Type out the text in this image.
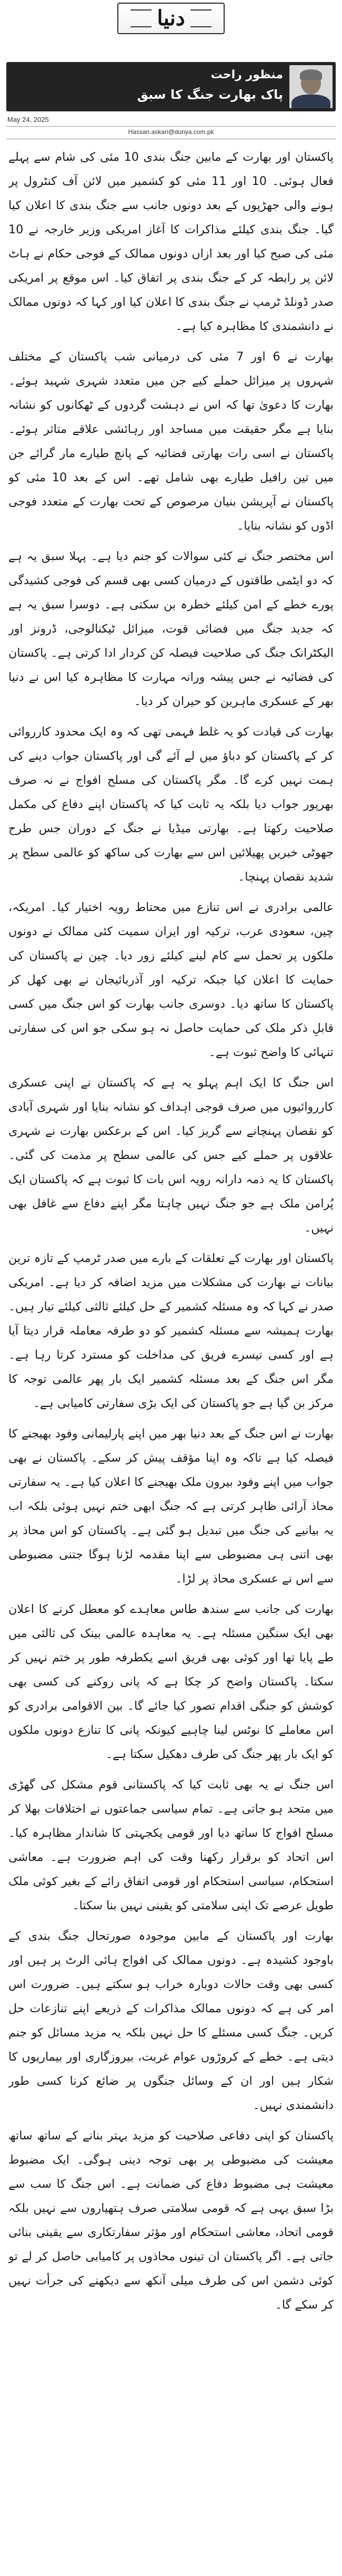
دنیا
منظور راحت
پاک بھارت جنگ کا سبق
May 24, 2025
Hassan.askari@dunya.com.pk

پاکستان اور بھارت کے مابین جنگ بندی 10 مئی کی شام سے پہلے فعال ہوئی۔ 10 اور 11 مئی کو کشمیر میں لائن آف کنٹرول پر ہونے والی جھڑپوں کے بعد دونوں جانب سے جنگ بندی کا اعلان کیا گیا۔ جنگ بندی کیلئے مذاکرات کا آغاز امریکی وزیر خارجہ نے 10 مئی کی صبح کیا اور بعد ازاں دونوں ممالک کے فوجی حکام نے ہاٹ لائن پر رابطہ کر کے جنگ بندی پر اتفاق کیا۔ اس موقع پر امریکی صدر ڈونلڈ ٹرمپ نے جنگ بندی کا اعلان کیا اور کہا کہ دونوں ممالک نے دانشمندی کا مظاہرہ کیا ہے۔

بھارت نے 6 اور 7 مئی کی درمیانی شب پاکستان کے مختلف شہروں پر میزائل حملے کیے جن میں متعدد شہری شہید ہوئے۔ بھارت کا دعویٰ تھا کہ اس نے دہشت گردوں کے ٹھکانوں کو نشانہ بنایا ہے مگر حقیقت میں مساجد اور رہائشی علاقے متاثر ہوئے۔ پاکستان نے اسی رات بھارتی فضائیہ کے پانچ طیارے مار گرائے جن میں تین رافیل طیارے بھی شامل تھے۔ اس کے بعد 10 مئی کو پاکستان نے آپریشن بنیان مرصوص کے تحت بھارت کے متعدد فوجی اڈوں کو نشانہ بنایا۔

اس مختصر جنگ نے کئی سوالات کو جنم دیا ہے۔ پہلا سبق یہ ہے کہ دو ایٹمی طاقتوں کے درمیان کسی بھی قسم کی فوجی کشیدگی پورے خطے کے امن کیلئے خطرہ بن سکتی ہے۔ دوسرا سبق یہ ہے کہ جدید جنگ میں فضائی قوت، میزائل ٹیکنالوجی، ڈرونز اور الیکٹرانک جنگ کی صلاحیت فیصلہ کن کردار ادا کرتی ہے۔ پاکستان کی فضائیہ نے جس پیشہ ورانہ مہارت کا مظاہرہ کیا اس نے دنیا بھر کے عسکری ماہرین کو حیران کر دیا۔

بھارت کی قیادت کو یہ غلط فہمی تھی کہ وہ ایک محدود کارروائی کر کے پاکستان کو دباؤ میں لے آئے گی اور پاکستان جواب دینے کی ہمت نہیں کرے گا۔ مگر پاکستان کی مسلح افواج نے نہ صرف بھرپور جواب دیا بلکہ یہ ثابت کیا کہ پاکستان اپنے دفاع کی مکمل صلاحیت رکھتا ہے۔ بھارتی میڈیا نے جنگ کے دوران جس طرح جھوٹی خبریں پھیلائیں اس سے بھارت کی ساکھ کو عالمی سطح پر شدید نقصان پہنچا۔

عالمی برادری نے اس تنازع میں محتاط رویہ اختیار کیا۔ امریکہ، چین، سعودی عرب، ترکیہ اور ایران سمیت کئی ممالک نے دونوں ملکوں پر تحمل سے کام لینے کیلئے زور دیا۔ چین نے پاکستان کی حمایت کا اعلان کیا جبکہ ترکیہ اور آذربائیجان نے بھی کھل کر پاکستان کا ساتھ دیا۔ دوسری جانب بھارت کو اس جنگ میں کسی قابلِ ذکر ملک کی حمایت حاصل نہ ہو سکی جو اس کی سفارتی تنہائی کا واضح ثبوت ہے۔

اس جنگ کا ایک اہم پہلو یہ ہے کہ پاکستان نے اپنی عسکری کارروائیوں میں صرف فوجی اہداف کو نشانہ بنایا اور شہری آبادی کو نقصان پہنچانے سے گریز کیا۔ اس کے برعکس بھارت نے شہری علاقوں پر حملے کیے جس کی عالمی سطح پر مذمت کی گئی۔ پاکستان کا یہ ذمہ دارانہ رویہ اس بات کا ثبوت ہے کہ پاکستان ایک پُرامن ملک ہے جو جنگ نہیں چاہتا مگر اپنے دفاع سے غافل بھی نہیں۔

پاکستان اور بھارت کے تعلقات کے بارے میں صدر ٹرمپ کے تازہ ترین بیانات نے بھارت کی مشکلات میں مزید اضافہ کر دیا ہے۔ امریکی صدر نے کہا کہ وہ مسئلہ کشمیر کے حل کیلئے ثالثی کیلئے تیار ہیں۔ بھارت ہمیشہ سے مسئلہ کشمیر کو دو طرفہ معاملہ قرار دیتا آیا ہے اور کسی تیسرے فریق کی مداخلت کو مسترد کرتا رہا ہے۔ مگر اس جنگ کے بعد مسئلہ کشمیر ایک بار پھر عالمی توجہ کا مرکز بن گیا ہے جو پاکستان کی ایک بڑی سفارتی کامیابی ہے۔

بھارت نے اس جنگ کے بعد دنیا بھر میں اپنے پارلیمانی وفود بھیجنے کا فیصلہ کیا ہے تاکہ وہ اپنا مؤقف پیش کر سکے۔ پاکستان نے بھی جواب میں اپنے وفود بیرون ملک بھیجنے کا اعلان کیا ہے۔ یہ سفارتی محاذ آرائی ظاہر کرتی ہے کہ جنگ ابھی ختم نہیں ہوئی بلکہ اب یہ بیانیے کی جنگ میں تبدیل ہو گئی ہے۔ پاکستان کو اس محاذ پر بھی اتنی ہی مضبوطی سے اپنا مقدمہ لڑنا ہوگا جتنی مضبوطی سے اس نے عسکری محاذ پر لڑا۔

بھارت کی جانب سے سندھ طاس معاہدے کو معطل کرنے کا اعلان بھی ایک سنگین مسئلہ ہے۔ یہ معاہدہ عالمی بینک کی ثالثی میں طے پایا تھا اور کوئی بھی فریق اسے یکطرفہ طور پر ختم نہیں کر سکتا۔ پاکستان واضح کر چکا ہے کہ پانی روکنے کی کسی بھی کوشش کو جنگی اقدام تصور کیا جائے گا۔ بین الاقوامی برادری کو اس معاملے کا نوٹس لینا چاہیے کیونکہ پانی کا تنازع دونوں ملکوں کو ایک بار پھر جنگ کی طرف دھکیل سکتا ہے۔

اس جنگ نے یہ بھی ثابت کیا کہ پاکستانی قوم مشکل کی گھڑی میں متحد ہو جاتی ہے۔ تمام سیاسی جماعتوں نے اختلافات بھلا کر مسلح افواج کا ساتھ دیا اور قومی یکجہتی کا شاندار مظاہرہ کیا۔ اس اتحاد کو برقرار رکھنا وقت کی اہم ضرورت ہے۔ معاشی استحکام، سیاسی استحکام اور قومی اتفاق رائے کے بغیر کوئی ملک طویل عرصے تک اپنی سلامتی کو یقینی نہیں بنا سکتا۔

بھارت اور پاکستان کے مابین موجودہ صورتحال جنگ بندی کے باوجود کشیدہ ہے۔ دونوں ممالک کی افواج ہائی الرٹ پر ہیں اور کسی بھی وقت حالات دوبارہ خراب ہو سکتے ہیں۔ ضرورت اس امر کی ہے کہ دونوں ممالک مذاکرات کے ذریعے اپنے تنازعات حل کریں۔ جنگ کسی مسئلے کا حل نہیں بلکہ یہ مزید مسائل کو جنم دیتی ہے۔ خطے کے کروڑوں عوام غربت، بیروزگاری اور بیماریوں کا شکار ہیں اور ان کے وسائل جنگوں پر ضائع کرنا کسی طور دانشمندی نہیں۔

پاکستان کو اپنی دفاعی صلاحیت کو مزید بہتر بنانے کے ساتھ ساتھ معیشت کی مضبوطی پر بھی توجہ دینی ہوگی۔ ایک مضبوط معیشت ہی مضبوط دفاع کی ضمانت ہے۔ اس جنگ کا سب سے بڑا سبق یہی ہے کہ قومی سلامتی صرف ہتھیاروں سے نہیں بلکہ قومی اتحاد، معاشی استحکام اور مؤثر سفارتکاری سے یقینی بنائی جاتی ہے۔ اگر پاکستان ان تینوں محاذوں پر کامیابی حاصل کر لے تو کوئی دشمن اس کی طرف میلی آنکھ سے دیکھنے کی جرأت نہیں کر سکے گا۔
